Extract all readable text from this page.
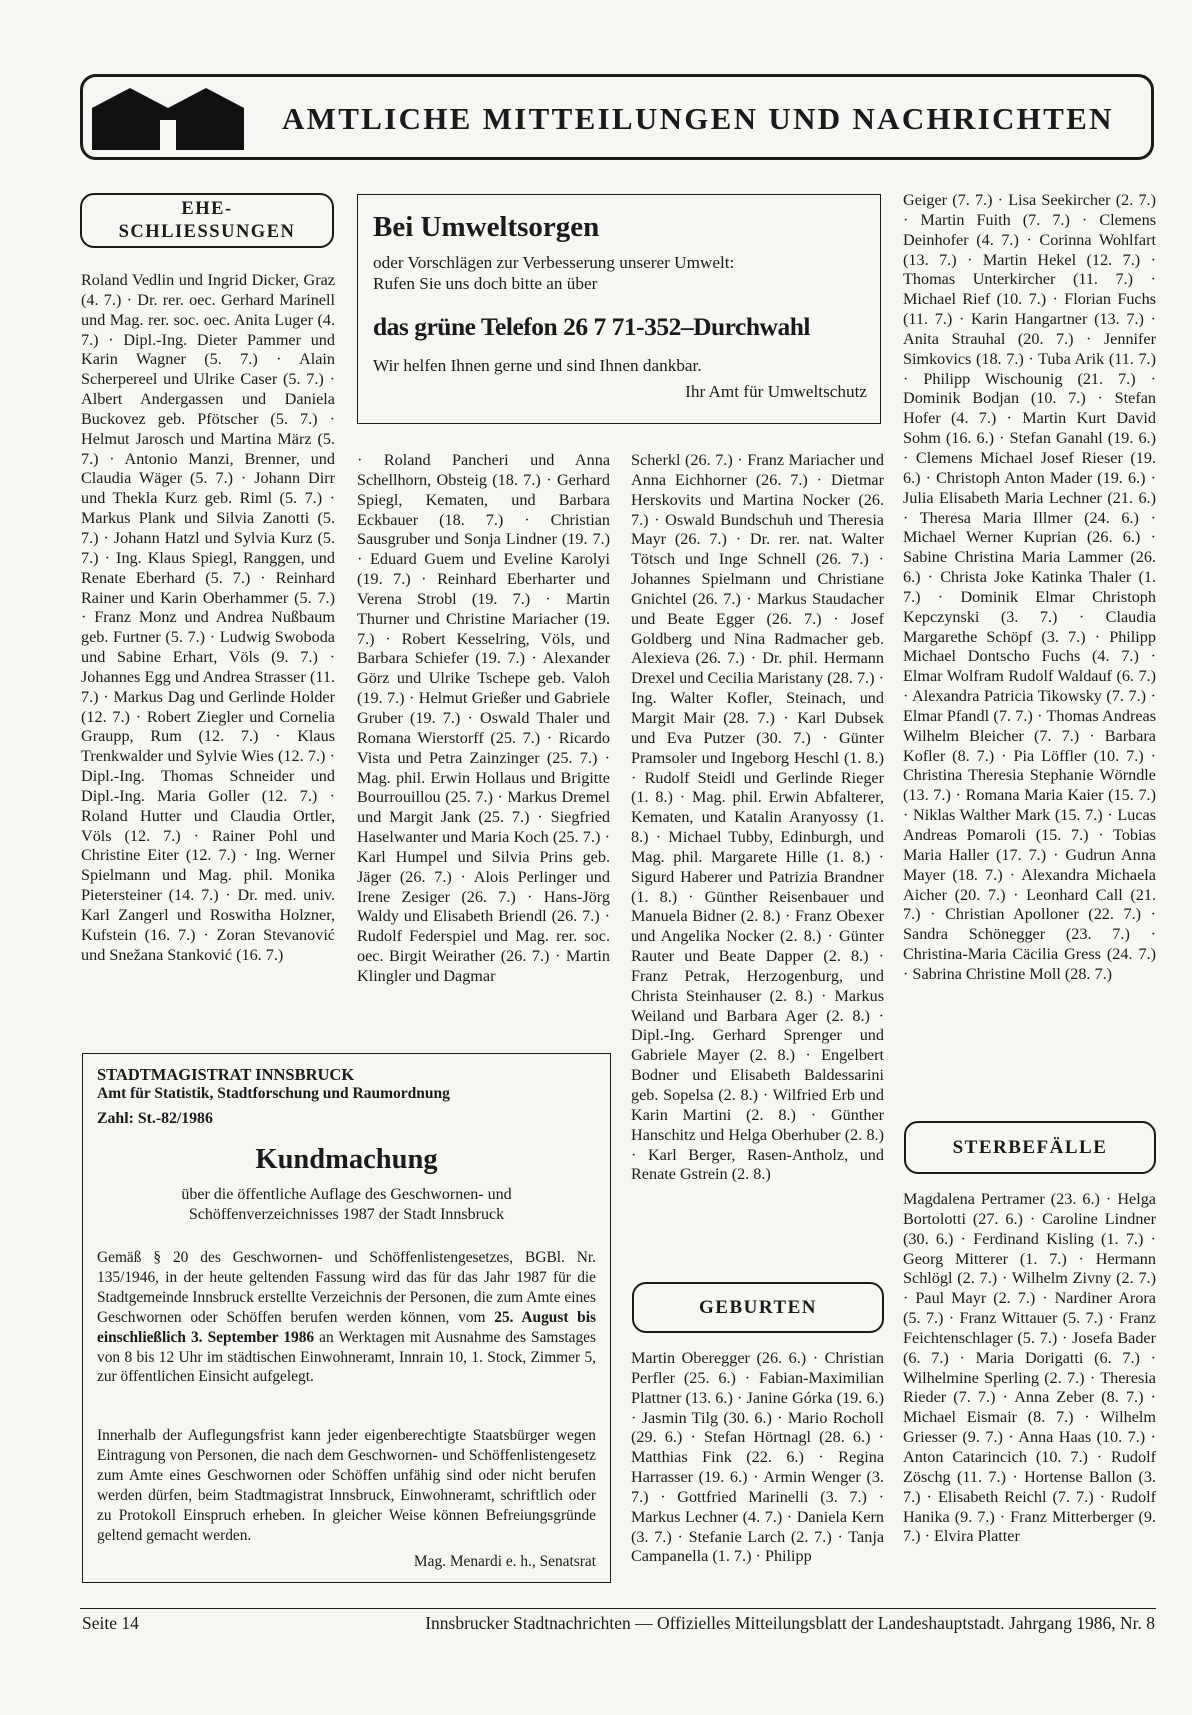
AMTLICHE MITTEILUNGEN UND NACHRICHTEN
EHE-
SCHLIESSUNGEN
Roland Vedlin und Ingrid Dicker, Graz (4. 7.) · Dr. rer. oec. Gerhard Marinell und Mag. rer. soc. oec. Anita Luger (4. 7.) · Dipl.-Ing. Dieter Pammer und Karin Wagner (5. 7.) · Alain Scherpereel und Ulrike Caser (5. 7.) · Albert Andergassen und Daniela Buckovez geb. Pfötscher (5. 7.) · Helmut Jarosch und Martina März (5. 7.) · Antonio Manzi, Brenner, und Claudia Wäger (5. 7.) · Johann Dirr und Thekla Kurz geb. Riml (5. 7.) · Markus Plank und Silvia Zanotti (5. 7.) · Johann Hatzl und Sylvia Kurz (5. 7.) · Ing. Klaus Spiegl, Ranggen, und Renate Eberhard (5. 7.) · Reinhard Rainer und Karin Oberhammer (5. 7.) · Franz Monz und Andrea Nußbaum geb. Furtner (5. 7.) · Ludwig Swoboda und Sabine Erhart, Völs (9. 7.) · Johannes Egg und Andrea Strasser (11. 7.) · Markus Dag und Gerlinde Holder (12. 7.) · Robert Ziegler und Cornelia Graupp, Rum (12. 7.) · Klaus Trenkwalder und Sylvie Wies (12. 7.) · Dipl.-Ing. Thomas Schneider und Dipl.-Ing. Maria Goller (12. 7.) · Roland Hutter und Claudia Ortler, Völs (12. 7.) · Rainer Pohl und Christine Eiter (12. 7.) · Ing. Werner Spielmann und Mag. phil. Monika Pietersteiner (14. 7.) · Dr. med. univ. Karl Zangerl und Roswitha Holzner, Kufstein (16. 7.) · Zoran Stevanović und Snežana Stanković (16. 7.)
Bei Umweltsorgen
oder Vorschlägen zur Verbesserung unserer Umwelt:
Rufen Sie uns doch bitte an über
das grüne Telefon 26 7 71-352–Durchwahl
Wir helfen Ihnen gerne und sind Ihnen dankbar.
Ihr Amt für Umweltschutz
· Roland Pancheri und Anna Schellhorn, Obsteig (18. 7.) · Gerhard Spiegl, Kematen, und Barbara Eckbauer (18. 7.) · Christian Sausgruber und Sonja Lindner (19. 7.) · Eduard Guem und Eveline Karolyi (19. 7.) · Reinhard Eberharter und Verena Strobl (19. 7.) · Martin Thurner und Christine Mariacher (19. 7.) · Robert Kesselring, Völs, und Barbara Schiefer (19. 7.) · Alexander Görz und Ulrike Tschepe geb. Valoh (19. 7.) · Helmut Grießer und Gabriele Gruber (19. 7.) · Oswald Thaler und Romana Wierstorff (25. 7.) · Ricardo Vista und Petra Zainzinger (25. 7.) · Mag. phil. Erwin Hollaus und Brigitte Bourrouillou (25. 7.) · Markus Dremel und Margit Jank (25. 7.) · Siegfried Haselwanter und Maria Koch (25. 7.) · Karl Humpel und Silvia Prins geb. Jäger (26. 7.) · Alois Perlinger und Irene Zesiger (26. 7.) · Hans-Jörg Waldy und Elisabeth Briendl (26. 7.) · Rudolf Federspiel und Mag. rer. soc. oec. Birgit Weirather (26. 7.) · Martin Klingler und Dagmar
Scherkl (26. 7.) · Franz Mariacher und Anna Eichhorner (26. 7.) · Dietmar Herskovits und Martina Nocker (26. 7.) · Oswald Bundschuh und Theresia Mayr (26. 7.) · Dr. rer. nat. Walter Tötsch und Inge Schnell (26. 7.) · Johannes Spielmann und Christiane Gnichtel (26. 7.) · Markus Staudacher und Beate Egger (26. 7.) · Josef Goldberg und Nina Radmacher geb. Alexieva (26. 7.) · Dr. phil. Hermann Drexel und Cecilia Maristany (28. 7.) · Ing. Walter Kofler, Steinach, und Margit Mair (28. 7.) · Karl Dubsek und Eva Putzer (30. 7.) · Günter Pramsoler und Ingeborg Heschl (1. 8.) · Rudolf Steidl und Gerlinde Rieger (1. 8.) · Mag. phil. Erwin Abfalterer, Kematen, und Katalin Aranyossy (1. 8.) · Michael Tubby, Edinburgh, und Mag. phil. Margarete Hille (1. 8.) · Sigurd Haberer und Patrizia Brandner (1. 8.) · Günther Reisenbauer und Manuela Bidner (2. 8.) · Franz Obexer und Angelika Nocker (2. 8.) · Günter Rauter und Beate Dapper (2. 8.) · Franz Petrak, Herzogenburg, und Christa Steinhauser (2. 8.) · Markus Weiland und Barbara Ager (2. 8.) · Dipl.-Ing. Gerhard Sprenger und Gabriele Mayer (2. 8.) · Engelbert Bodner und Elisabeth Baldessarini geb. Sopelsa (2. 8.) · Wilfried Erb und Karin Martini (2. 8.) · Günther Hanschitz und Helga Oberhuber (2. 8.) · Karl Berger, Rasen-Antholz, und Renate Gstrein (2. 8.)
STADTMAGISTRAT INNSBRUCK
Amt für Statistik, Stadtforschung und Raumordnung
Zahl: St.-82/1986
Kundmachung
über die öffentliche Auflage des Geschwornen- und Schöffenverzeichnisses 1987 der Stadt Innsbruck
Gemäß § 20 des Geschwornen- und Schöffenlistengesetzes, BGBl. Nr. 135/1946, in der heute geltenden Fassung wird das für das Jahr 1987 für die Stadtgemeinde Innsbruck erstellte Verzeichnis der Personen, die zum Amte eines Geschwornen oder Schöffen berufen werden können, vom 25. August bis einschließlich 3. September 1986 an Werktagen mit Ausnahme des Samstages von 8 bis 12 Uhr im städtischen Einwohneramt, Innrain 10, 1. Stock, Zimmer 5, zur öffentlichen Einsicht aufgelegt.
Innerhalb der Auflegungsfrist kann jeder eigenberechtigte Staatsbürger wegen Eintragung von Personen, die nach dem Geschwornen- und Schöffenlistengesetz zum Amte eines Geschwornen oder Schöffen unfähig sind oder nicht berufen werden dürfen, beim Stadtmagistrat Innsbruck, Einwohneramt, schriftlich oder zu Protokoll Einspruch erheben. In gleicher Weise können Befreiungsgründe geltend gemacht werden.
Mag. Menardi e. h., Senatsrat
GEBURTEN
Martin Oberegger (26. 6.) · Christian Perfler (25. 6.) · Fabian-Maximilian Plattner (13. 6.) · Janine Górka (19. 6.) · Jasmin Tilg (30. 6.) · Mario Rocholl (29. 6.) · Stefan Hörtnagl (28. 6.) · Matthias Fink (22. 6.) · Regina Harrasser (19. 6.) · Armin Wenger (3. 7.) · Gottfried Marinelli (3. 7.) · Markus Lechner (4. 7.) · Daniela Kern (3. 7.) · Stefanie Larch (2. 7.) · Tanja Campanella (1. 7.) · Philipp
Geiger (7. 7.) · Lisa Seekircher (2. 7.) · Martin Fuith (7. 7.) · Clemens Deinhofer (4. 7.) · Corinna Wohlfart (13. 7.) · Martin Hekel (12. 7.) · Thomas Unterkircher (11. 7.) · Michael Rief (10. 7.) · Florian Fuchs (11. 7.) · Karin Hangartner (13. 7.) · Anita Strauhal (20. 7.) · Jennifer Simkovics (18. 7.) · Tuba Arik (11. 7.) · Philipp Wischounig (21. 7.) · Dominik Bodjan (10. 7.) · Stefan Hofer (4. 7.) · Martin Kurt David Sohm (16. 6.) · Stefan Ganahl (19. 6.) · Clemens Michael Josef Rieser (19. 6.) · Christoph Anton Mader (19. 6.) · Julia Elisabeth Maria Lechner (21. 6.) · Theresa Maria Illmer (24. 6.) · Michael Werner Kuprian (26. 6.) · Sabine Christina Maria Lammer (26. 6.) · Christa Joke Katinka Thaler (1. 7.) · Dominik Elmar Christoph Kepczynski (3. 7.) · Claudia Margarethe Schöpf (3. 7.) · Philipp Michael Dontscho Fuchs (4. 7.) · Elmar Wolfram Rudolf Waldauf (6. 7.) · Alexandra Patricia Tikowsky (7. 7.) · Elmar Pfandl (7. 7.) · Thomas Andreas Wilhelm Bleicher (7. 7.) · Barbara Kofler (8. 7.) · Pia Löffler (10. 7.) · Christina Theresia Stephanie Wörndle (13. 7.) · Romana Maria Kaier (15. 7.) · Niklas Walther Mark (15. 7.) · Lucas Andreas Pomaroli (15. 7.) · Tobias Maria Haller (17. 7.) · Gudrun Anna Mayer (18. 7.) · Alexandra Michaela Aicher (20. 7.) · Leonhard Call (21. 7.) · Christian Apolloner (22. 7.) · Sandra Schönegger (23. 7.) · Christina-Maria Cäcilia Gress (24. 7.) · Sabrina Christine Moll (28. 7.)
STERBEFÄLLE
Magdalena Pertramer (23. 6.) · Helga Bortolotti (27. 6.) · Caroline Lindner (30. 6.) · Ferdinand Kisling (1. 7.) · Georg Mitterer (1. 7.) · Hermann Schlögl (2. 7.) · Wilhelm Zivny (2. 7.) · Paul Mayr (2. 7.) · Nardiner Arora (5. 7.) · Franz Wittauer (5. 7.) · Franz Feichtenschlager (5. 7.) · Josefa Bader (6. 7.) · Maria Dorigatti (6. 7.) · Wilhelmine Sperling (2. 7.) · Theresia Rieder (7. 7.) · Anna Zeber (8. 7.) · Michael Eismair (8. 7.) · Wilhelm Griesser (9. 7.) · Anna Haas (10. 7.) · Anton Catarincich (10. 7.) · Rudolf Zöschg (11. 7.) · Hortense Ballon (3. 7.) · Elisabeth Reichl (7. 7.) · Rudolf Hanika (9. 7.) · Franz Mitterberger (9. 7.) · Elvira Platter
Seite 14	Innsbrucker Stadtnachrichten — Offizielles Mitteilungsblatt der Landeshauptstadt. Jahrgang 1986, Nr. 8
